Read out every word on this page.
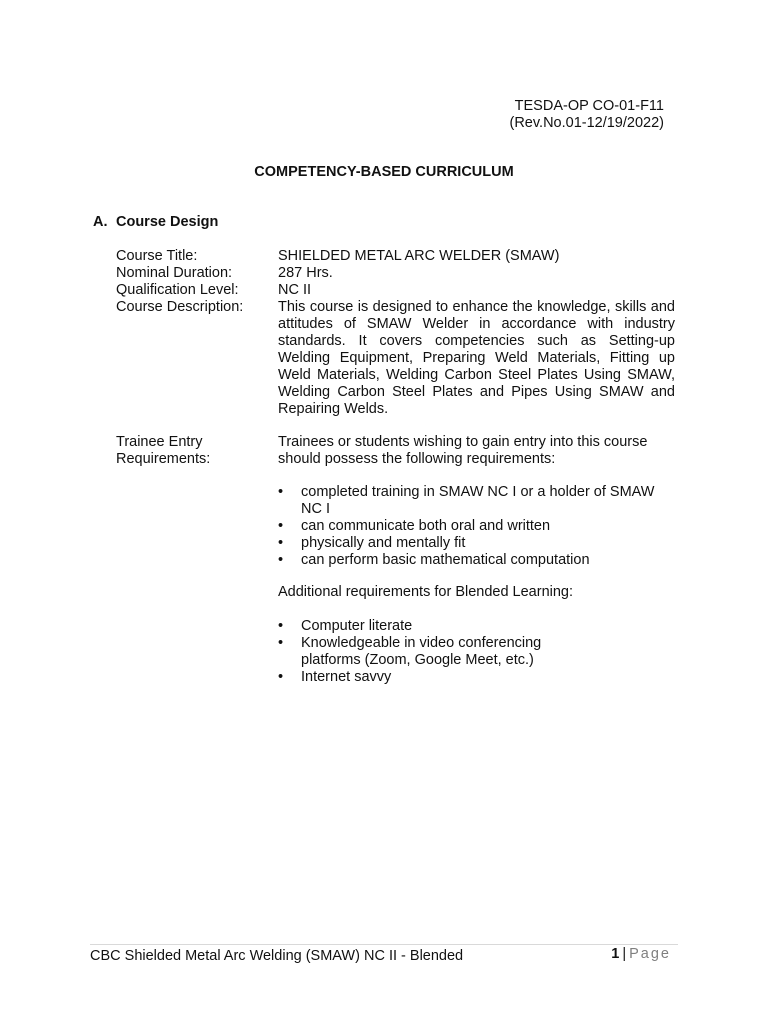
TESDA-OP CO-01-F11
(Rev.No.01-12/19/2022)
COMPETENCY-BASED CURRICULUM
A. Course Design
Course Title:	SHIELDED METAL ARC WELDER (SMAW)
Nominal Duration:	287 Hrs.
Qualification Level:	NC II
Course Description:	This course is designed to enhance the knowledge, skills and attitudes of SMAW Welder in accordance with industry standards. It covers competencies such as Setting-up Welding Equipment, Preparing Weld Materials, Fitting up Weld Materials, Welding Carbon Steel Plates Using SMAW, Welding Carbon Steel Plates and Pipes Using SMAW and Repairing Welds.
Trainee Entry
Requirements:
Trainees or students wishing to gain entry into this course should possess the following requirements:
• completed training in SMAW NC I or a holder of SMAW NC I
• can communicate both oral and written
• physically and mentally fit
• can perform basic mathematical computation
Additional requirements for Blended Learning:
• Computer literate
• Knowledgeable in video conferencing platforms (Zoom, Google Meet, etc.)
• Internet savvy
CBC Shielded Metal Arc Welding (SMAW) NC II - Blended	1 | Page
